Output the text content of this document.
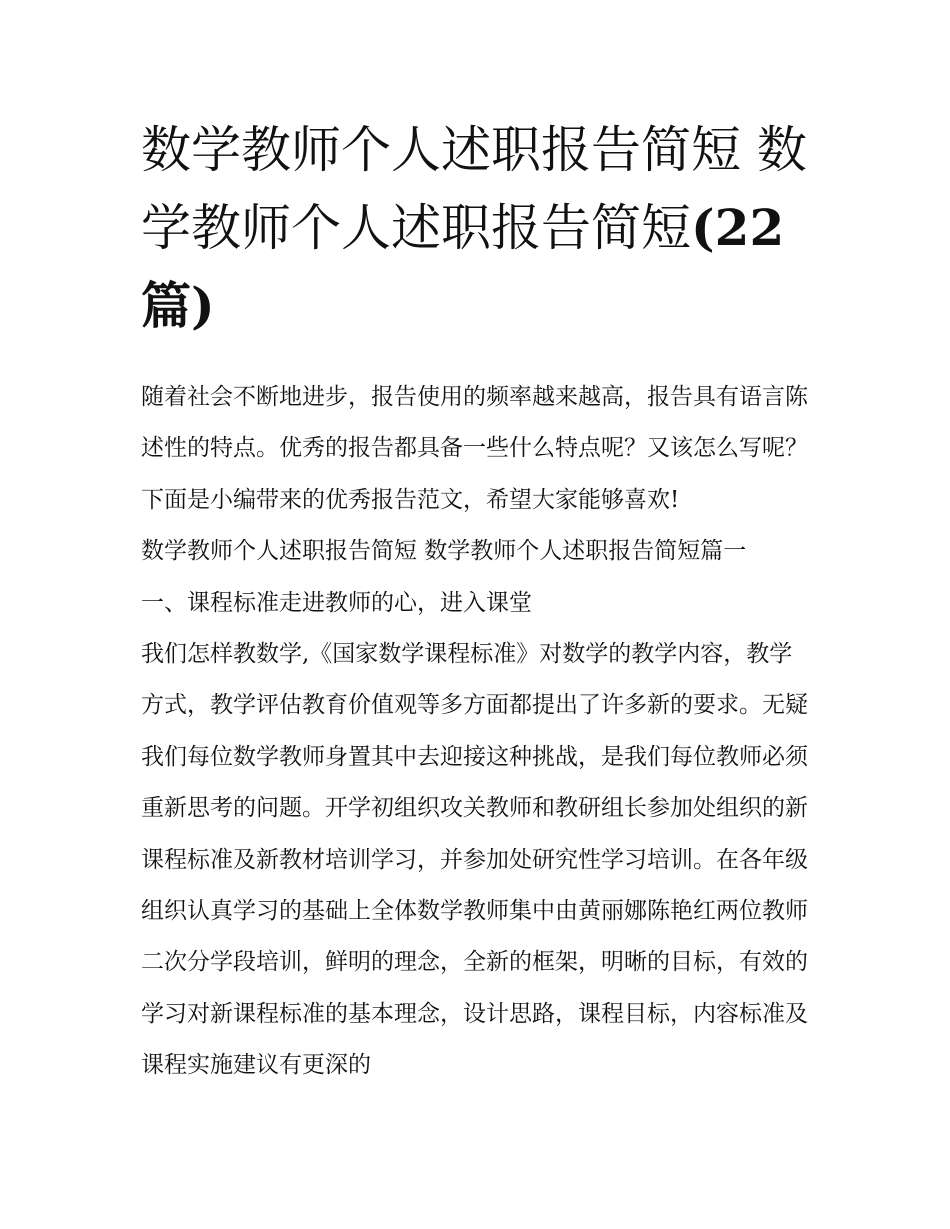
数学教师个人述职报告简短 数学教师个人述职报告简短(22篇)

随着社会不断地进步，报告使用的频率越来越高，报告具有语言陈述性的特点。优秀的报告都具备一些什么特点呢？又该怎么写呢？下面是小编带来的优秀报告范文，希望大家能够喜欢!

数学教师个人述职报告简短 数学教师个人述职报告简短篇一

一、课程标准走进教师的心，进入课堂

我们怎样教数学,《国家数学课程标准》对数学的教学内容，教学方式，教学评估教育价值观等多方面都提出了许多新的要求。无疑我们每位数学教师身置其中去迎接这种挑战，是我们每位教师必须重新思考的问题。开学初组织攻关教师和教研组长参加处组织的新课程标准及新教材培训学习，并参加处研究性学习培训。在各年级组织认真学习的基础上全体数学教师集中由黄丽娜陈艳红两位教师二次分学段培训，鲜明的理念，全新的框架，明晰的目标，有效的学习对新课程标准的基本理念，设计思路，课程目标，内容标准及课程实施建议有更深的
